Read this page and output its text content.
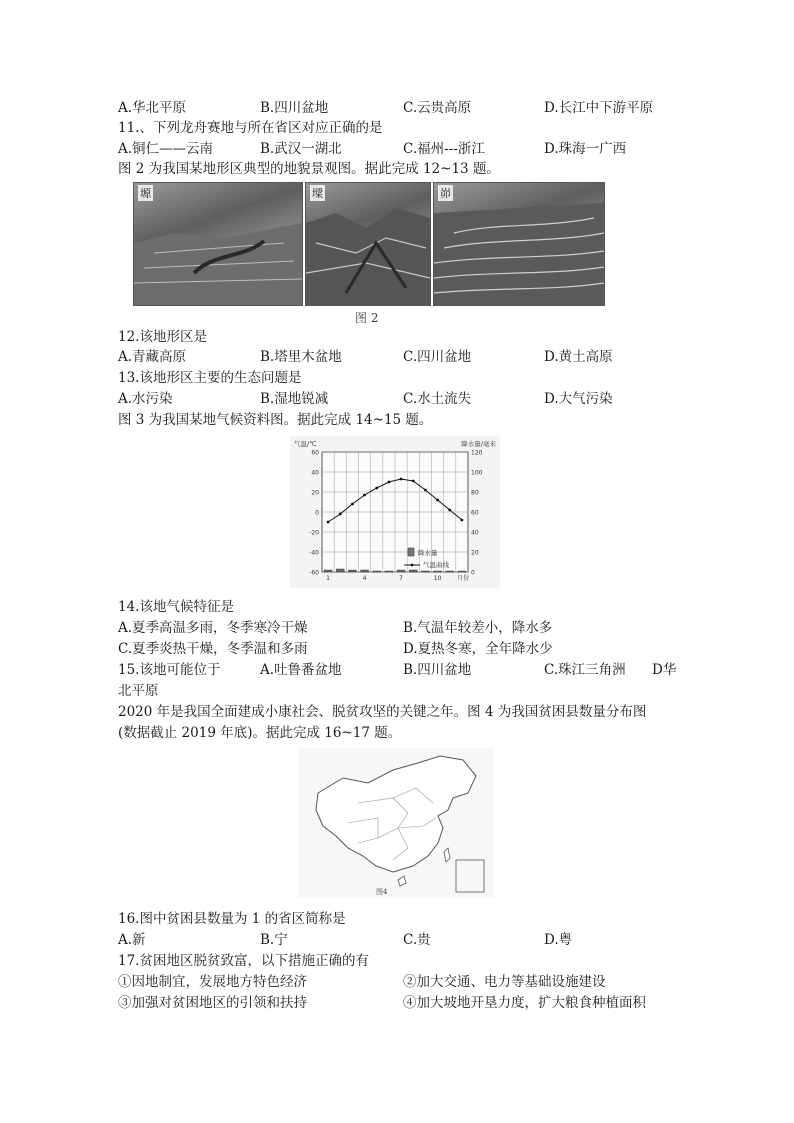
A.华北平原	B.四川盆地	C.云贵高原	D.长江中下游平原
11.、下列龙舟赛地与所在省区对应正确的是
A.铜仁——云南	B.武汉一湖北	C.福州---浙江	D.珠海一广西
图 2 为我国某地形区典型的地貌景观图。据此完成 12~13 题。
塬	墚	峁
图 2
12.该地形区是
A.青藏高原	B.塔里木盆地	C.四川盆地	D.黄土高原
13.该地形区主要的生态问题是
A.水污染	B.湿地锐减	C.水土流失	D.大气污染
图 3 为我国某地气候资料图。据此完成 14~15 题。
60	120
40	100
20	80
0	60
-20	40
-40	20
-60	0
气温/℃	降水量/毫米
1	4	7	10	月份
降水量
气温曲线
14.该地气候特征是
A.夏季高温多雨，冬季寒冷干燥	B.气温年较差小，降水多
C.夏季炎热干燥，冬季温和多雨	D.夏热冬寒，全年降水少
15.该地可能位于	A.吐鲁番盆地	B.四川盆地	C.珠江三角洲 D华
北平原
2020 年是我国全面建成小康社会、脱贫攻坚的关键之年。图 4 为我国贫困县数量分布图
(数据截止 2019 年底)。据此完成 16~17 题。
图4
16.图中贫困县数量为 1 的省区简称是
A.新	B.宁	C.贵	D.粤
17.贫困地区脱贫致富，以下措施正确的有
①因地制宜，发展地方特色经济	②加大交通、电力等基础设施建设
③加强对贫困地区的引领和扶持	④加大坡地开垦力度，扩大粮食种植面积
